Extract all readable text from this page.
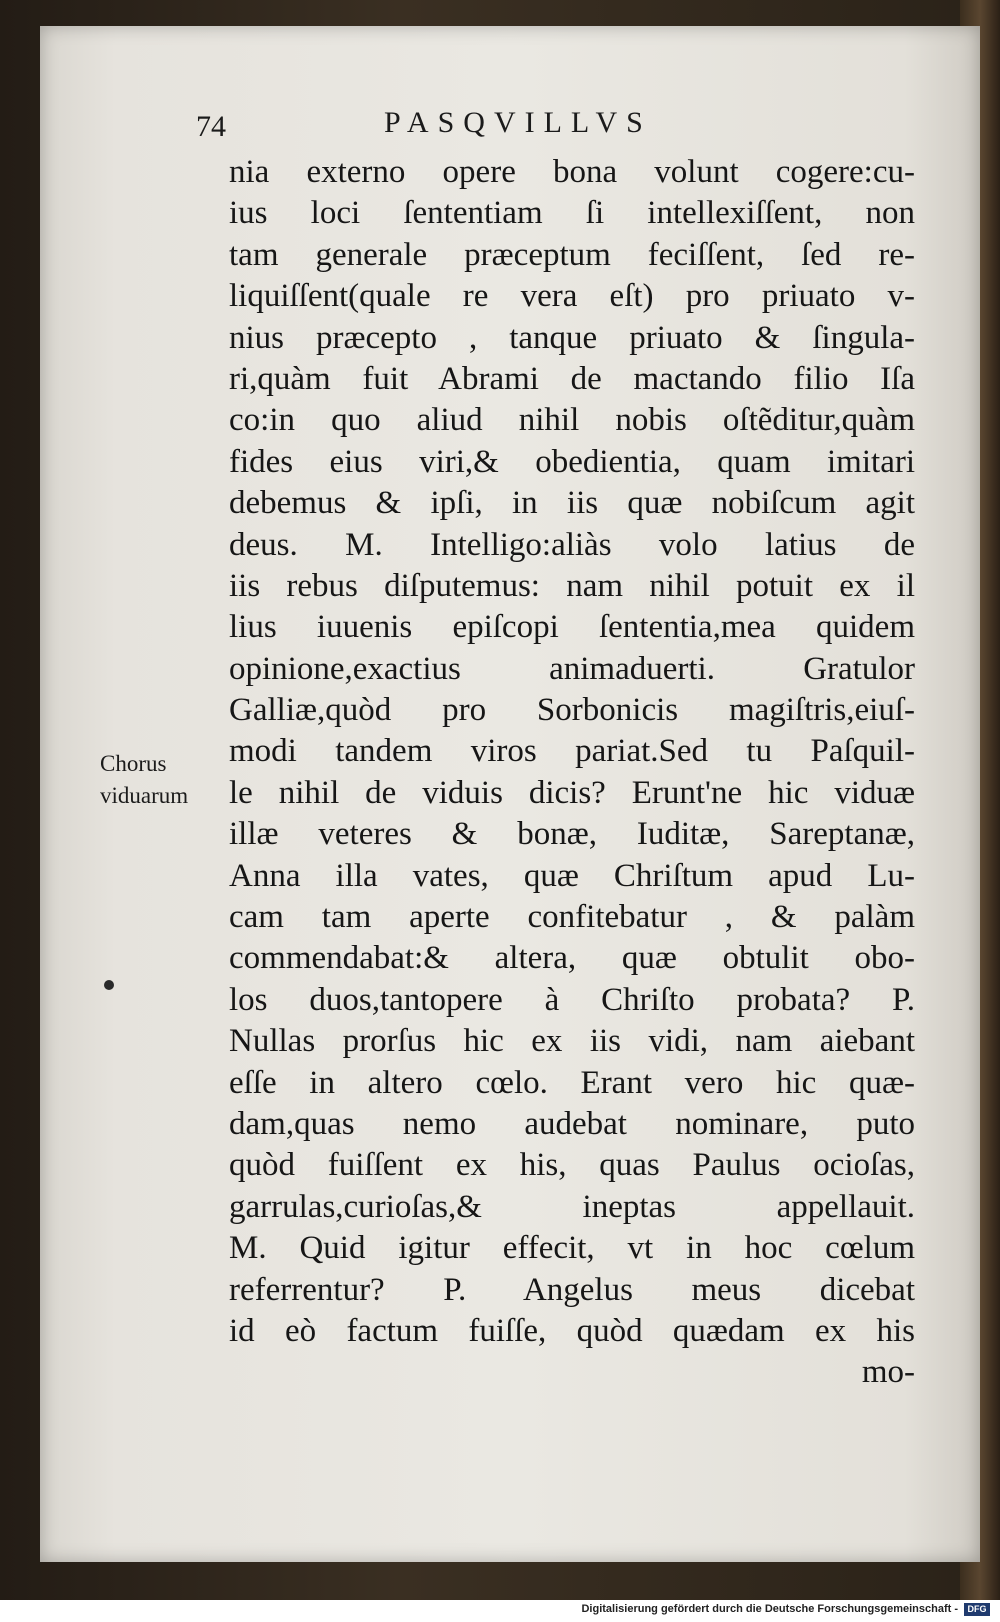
74	PASQVILLVS
Chorus
viduarum
nia externo opere bona volunt cogere:cu-
ius loci ſententiam ſi intellexiſſent, non
tam generale præceptum feciſſent, ſed re-
liquiſſent(quale re vera eſt) pro priuato v-
nius præcepto , tanque priuato & ſingula-
ri,quàm fuit Abrami de mactando filio Iſa
co:in quo aliud nihil nobis oſtẽditur,quàm
fides eius viri,& obedientia, quam imitari
debemus & ipſi, in iis quæ nobiſcum agit
deus. M. Intelligo:aliàs volo latius de
iis rebus diſputemus: nam nihil potuit ex il
lius iuuenis epiſcopi ſententia,mea quidem
opinione,exactius animaduerti. Gratulor
Galliæ,quòd pro Sorbonicis magiſtris,eiuſ-
modi tandem viros pariat.Sed tu Paſquil-
le nihil de viduis dicis? Erunt'ne hic viduæ
illæ veteres & bonæ, Iuditæ, Sareptanæ,
Anna illa vates, quæ Chriſtum apud Lu-
cam tam aperte confitebatur , & palàm
commendabat:& altera, quæ obtulit obo-
los duos,tantopere à Chriſto probata? P.
Nullas prorſus hic ex iis vidi, nam aiebant
eſſe in altero cœlo. Erant vero hic quæ-
dam,quas nemo audebat nominare, puto
quòd fuiſſent ex his, quas Paulus ocioſas,
garrulas,curioſas,& ineptas appellauit.
M. Quid igitur effecit, vt in hoc cœlum
referrentur? P. Angelus meus dicebat
id eò factum fuiſſe, quòd quædam ex his
mo-
Digitalisierung gefördert durch die Deutsche Forschungsgemeinschaft -	DFG
